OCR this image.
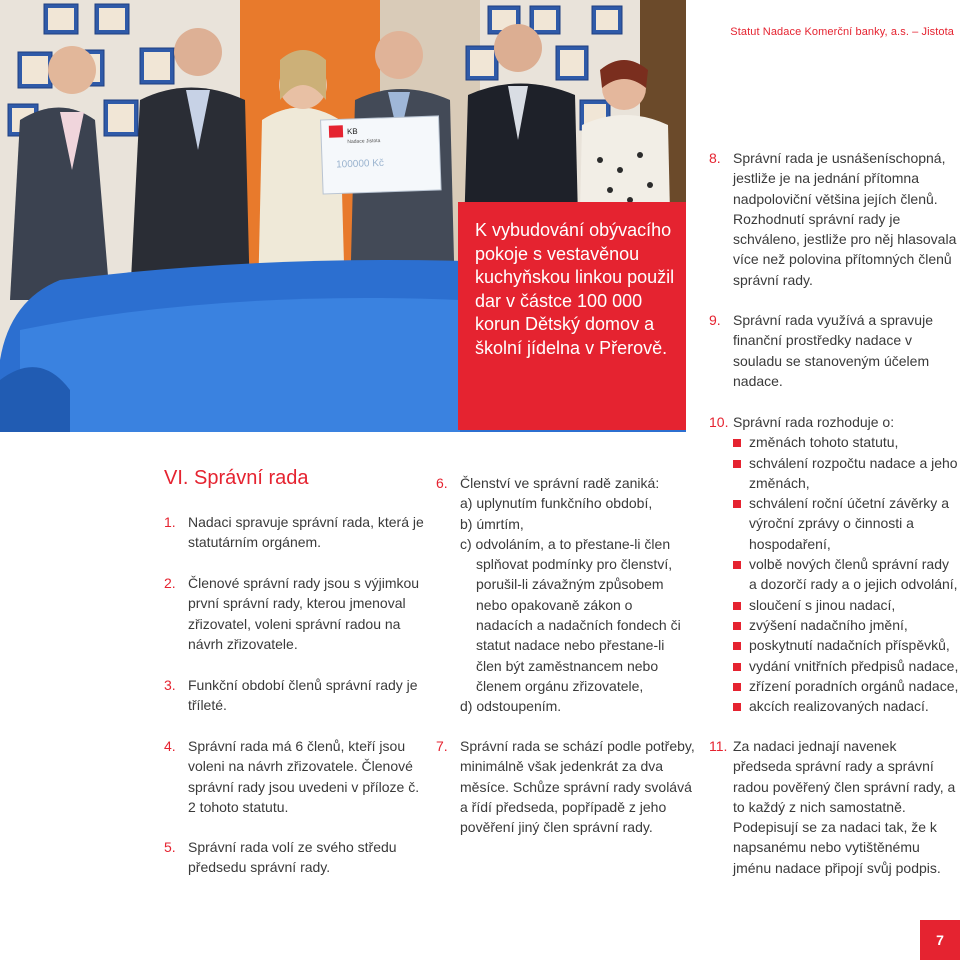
Statut Nadace Komerční banky, a.s. – Jistota
KB
Nadace Jistota
100000 Kč
K vybudování obývacího pokoje s vestavěnou kuchyňskou linkou použil dar v částce 100 000 korun Dětský domov a školní jídelna v Přerově.
VI. Správní rada
1. Nadaci spravuje správní rada, která je statutárním orgánem.

2. Členové správní rady jsou s výjimkou první správní rady, kterou jmenoval zřizovatel, voleni správní radou na návrh zřizovatele.

3. Funkční období členů správní rady je tříleté.

4. Správní rada má 6 členů, kteří jsou voleni na návrh zřizovatele. Členové správní rady jsou uvedeni v příloze č. 2 tohoto statutu.

5. Správní rada volí ze svého středu předsedu správní rady.

6. Členství ve správní radě zaniká:

a) uplynutím funkčního období,

b) úmrtím,

c) odvoláním, a to přestane-li člen

splňovat podmínky pro členství, porušil-li závažným způsobem nebo opakovaně zákon o nadacích a nadačních fondech či statut nadace nebo přestane-li člen být zaměstnancem nebo členem orgánu zřizovatele,

d) odstoupením.

7. Správní rada se schází podle potřeby, minimálně však jedenkrát za dva měsíce. Schůze správní rady svolává a řídí předseda, popřípadě z jeho pověření jiný člen správní rady.

8. Správní rada je usnášeníschopná, jestliže je na jednání přítomna nadpoloviční většina jejích členů. Rozhodnutí správní rady je schváleno, jestliže pro něj hlasovala více než polovina přítomných členů správní rady.

9. Správní rada využívá a spravuje finanční prostředky nadace v souladu se stanoveným účelem nadace.

10. Správní rada rozhoduje o:

změnách tohoto statutu,
schválení rozpočtu nadace a jeho změnách,
schválení roční účetní závěrky a výroční zprávy o činnosti a hospodaření,
volbě nových členů správní rady a dozorčí rady a o jejich odvolání,
sloučení s jinou nadací,
zvýšení nadačního jmění,
poskytnutí nadačních příspěvků,
vydání vnitřních předpisů nadace,
zřízení poradních orgánů nadace,
akcích realizovaných nadací.
11. Za nadaci jednají navenek předseda správní rady a správní radou pověřený člen správní rady, a to každý z nich samostatně. Podepisují se za nadaci tak, že k napsanému nebo vytištěnému jménu nadace připojí svůj podpis.

7
